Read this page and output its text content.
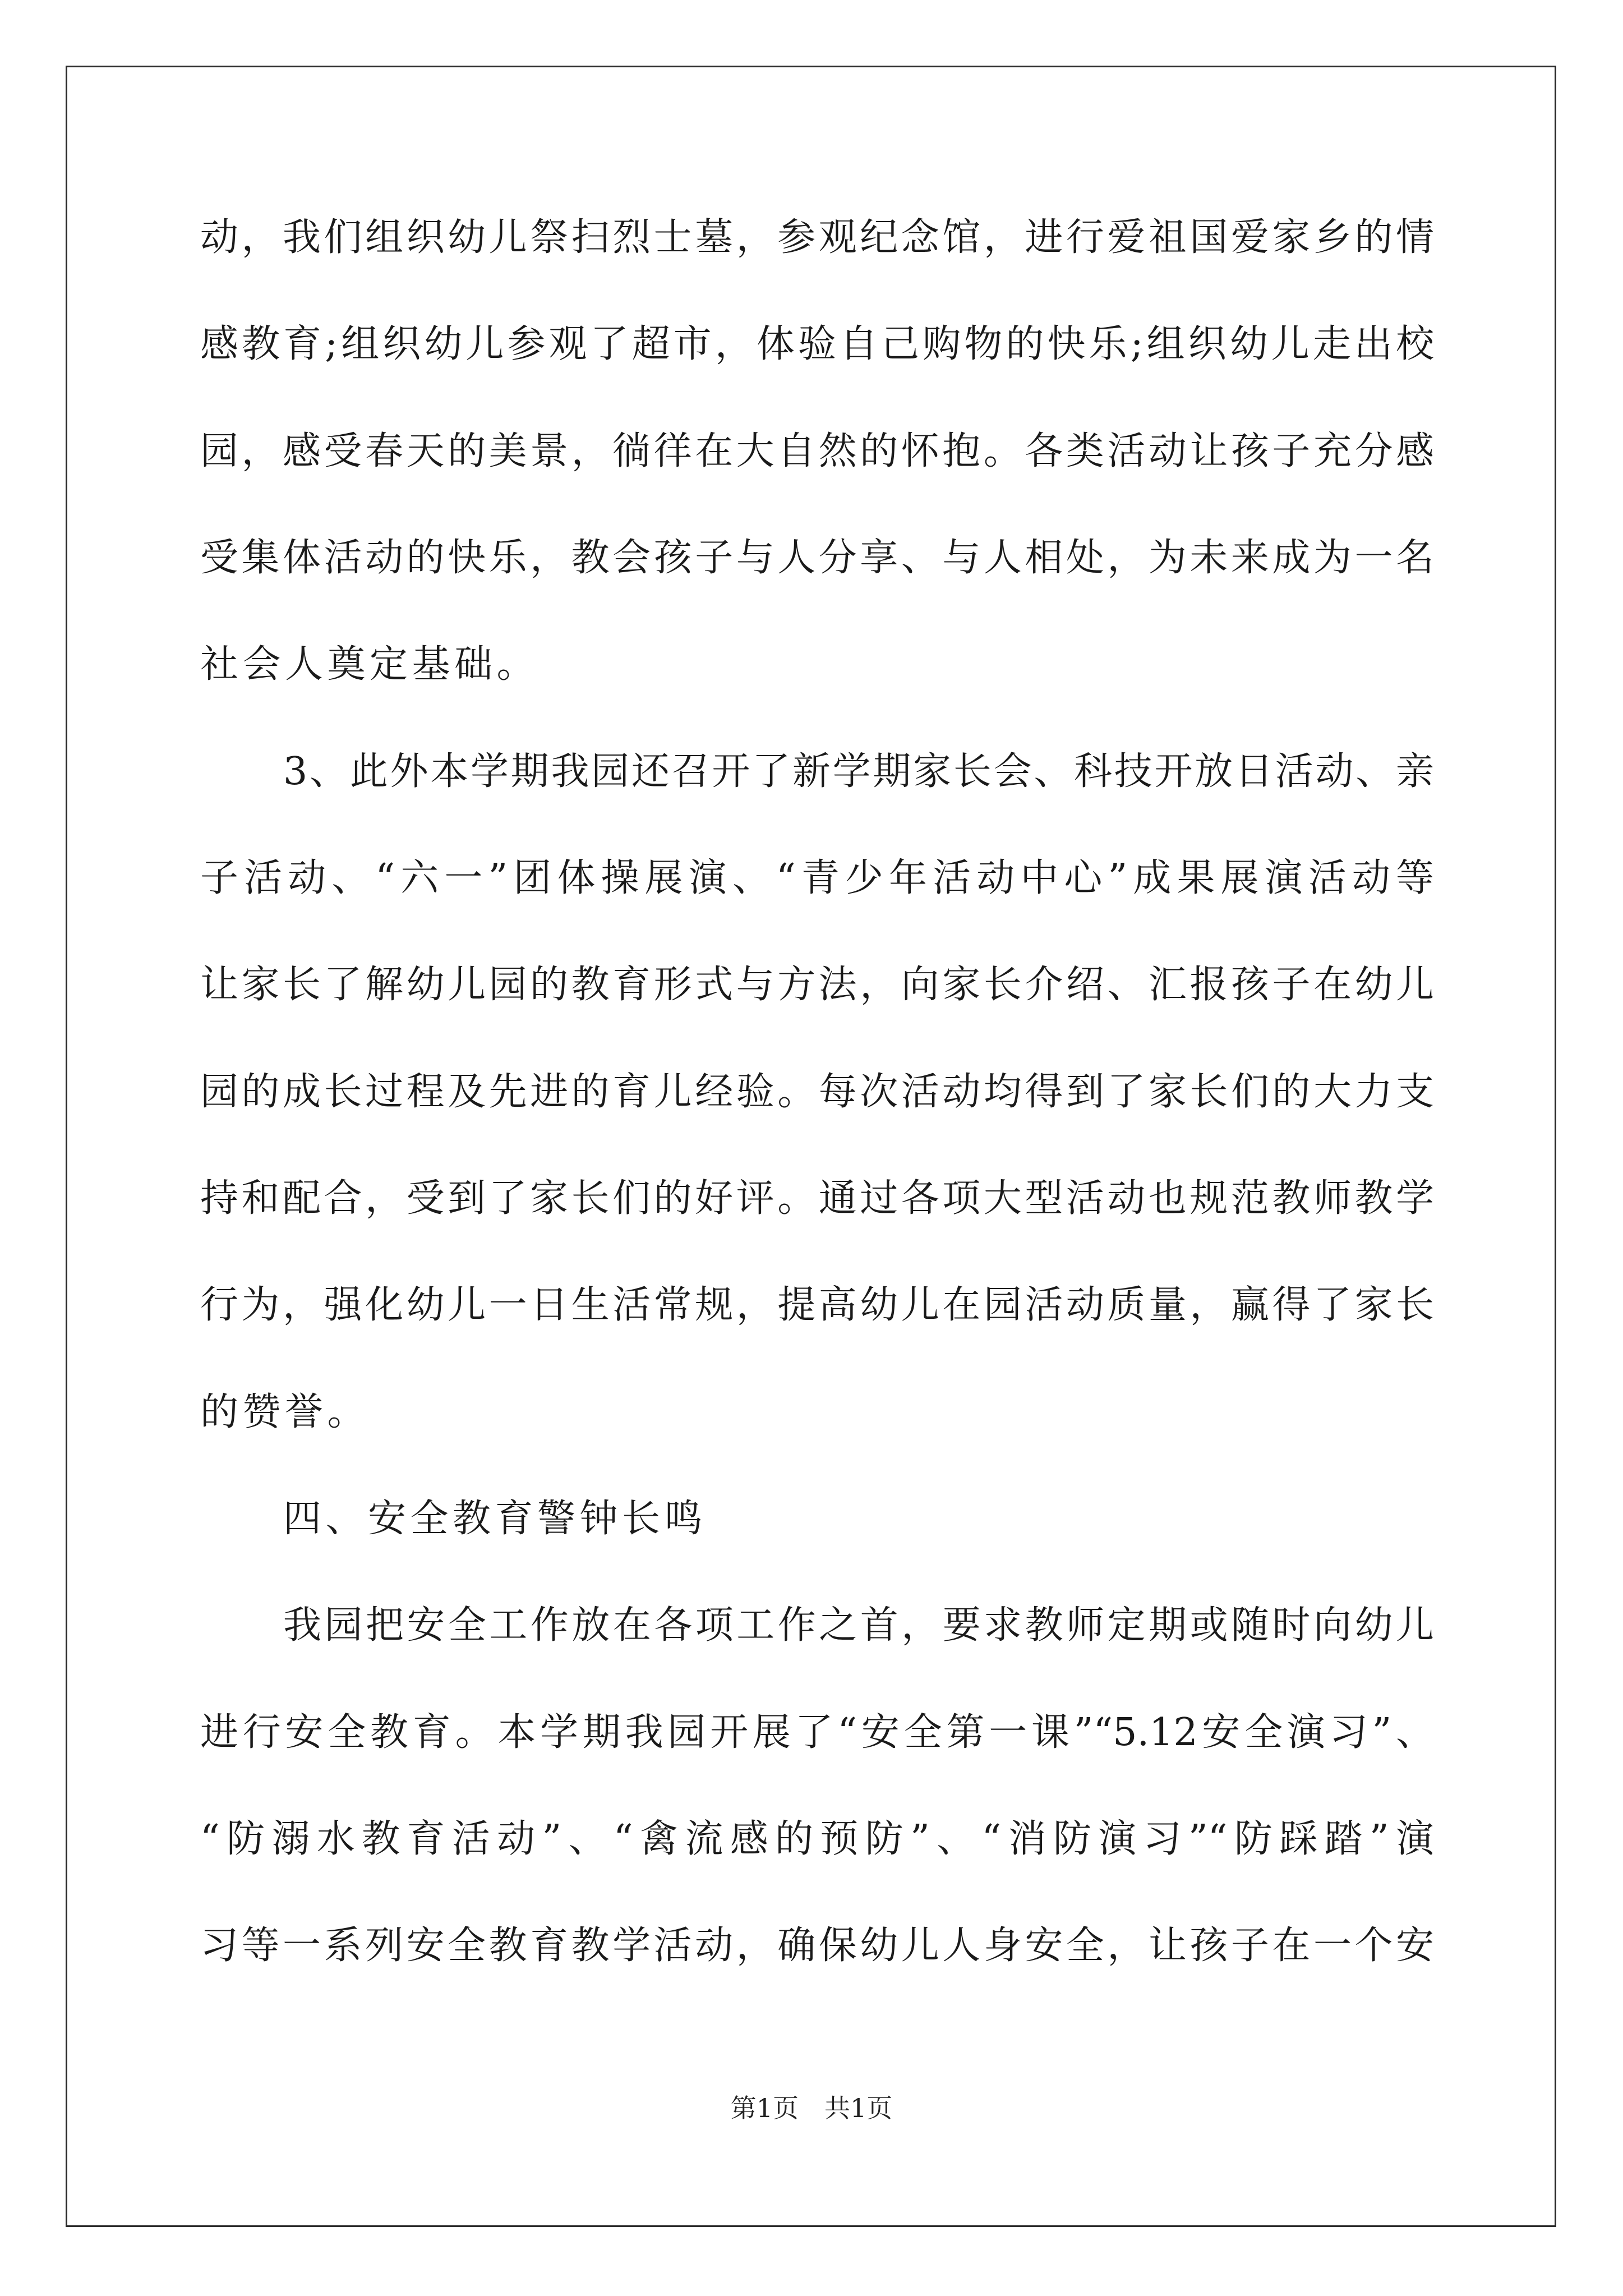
动，我们组织幼儿祭扫烈士墓，参观纪念馆，进行爱祖国爱家乡的情
感教育;组织幼儿参观了超市，体验自己购物的快乐;组织幼儿走出校
园，感受春天的美景，徜徉在大自然的怀抱。各类活动让孩子充分感
受集体活动的快乐，教会孩子与人分享、与人相处，为未来成为一名
社会人奠定基础。
3、此外本学期我园还召开了新学期家长会、科技开放日活动、亲
子活动、“六一”团体操展演、“青少年活动中心”成果展演活动等
让家长了解幼儿园的教育形式与方法，向家长介绍、汇报孩子在幼儿
园的成长过程及先进的育儿经验。每次活动均得到了家长们的大力支
持和配合，受到了家长们的好评。通过各项大型活动也规范教师教学
行为，强化幼儿一日生活常规，提高幼儿在园活动质量，赢得了家长
的赞誉。
四、安全教育警钟长鸣
我园把安全工作放在各项工作之首，要求教师定期或随时向幼儿
进行安全教育。本学期我园开展了“安全第一课”“5.12安全演习”、
“防溺水教育活动”、“禽流感的预防”、“消防演习”“防踩踏”演
习等一系列安全教育教学活动，确保幼儿人身安全，让孩子在一个安
第1页　共1页
